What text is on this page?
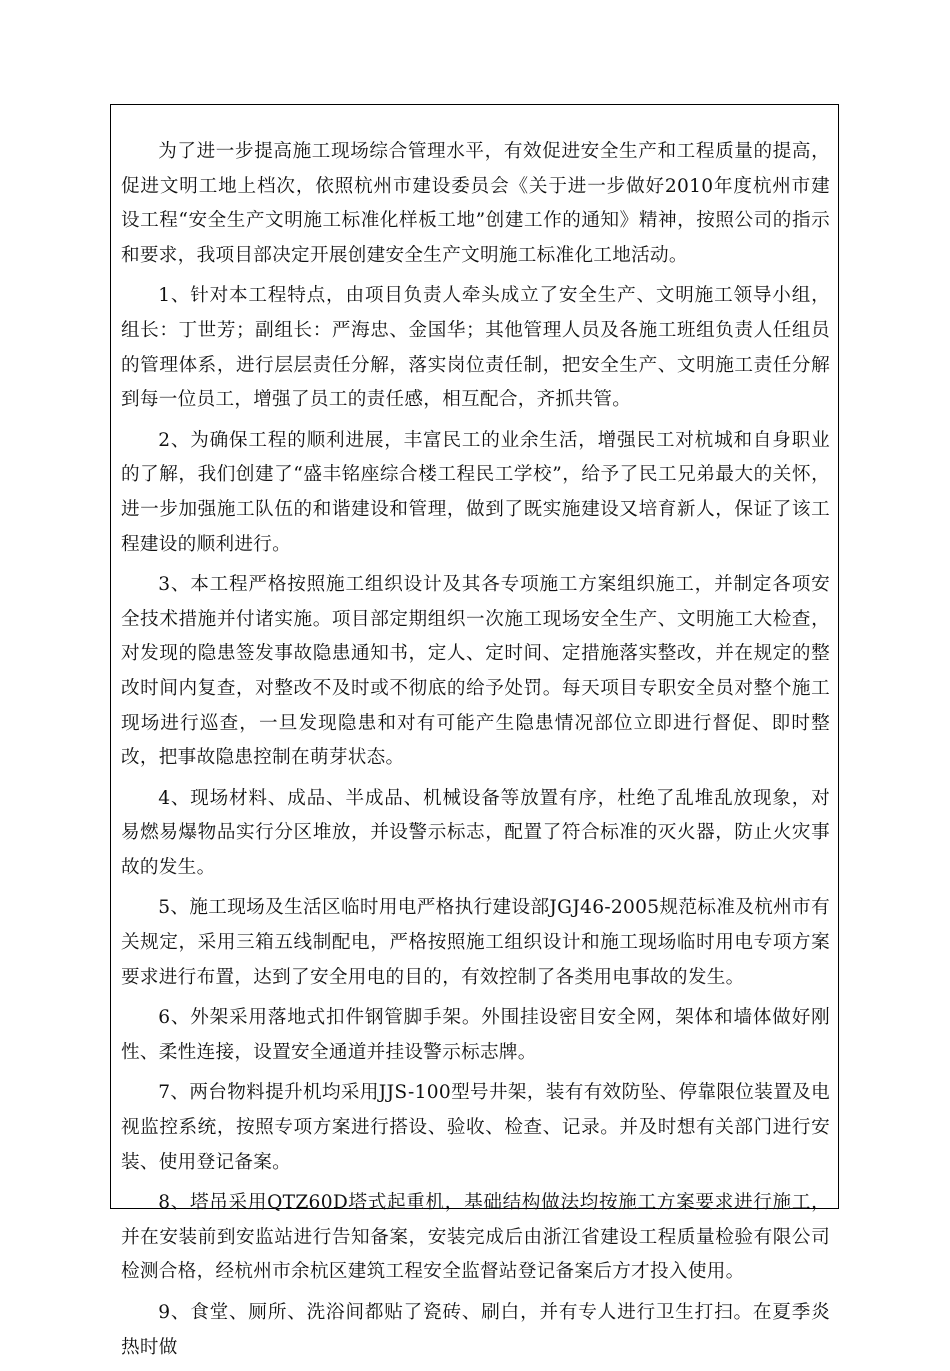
为了进一步提高施工现场综合管理水平，有效促进安全生产和工程质量的提高，促进文明工地上档次，依照杭州市建设委员会《关于进一步做好2010年度杭州市建设工程“安全生产文明施工标准化样板工地”创建工作的通知》精神，按照公司的指示和要求，我项目部决定开展创建安全生产文明施工标准化工地活动。

1、针对本工程特点，由项目负责人牵头成立了安全生产、文明施工领导小组，组长：丁世芳；副组长：严海忠、金国华；其他管理人员及各施工班组负责人任组员的管理体系，进行层层责任分解，落实岗位责任制，把安全生产、文明施工责任分解到每一位员工，增强了员工的责任感，相互配合，齐抓共管。

2、为确保工程的顺利进展，丰富民工的业余生活，增强民工对杭城和自身职业的了解，我们创建了“盛丰铭座综合楼工程民工学校”，给予了民工兄弟最大的关怀，进一步加强施工队伍的和谐建设和管理，做到了既实施建设又培育新人，保证了该工程建设的顺利进行。

3、本工程严格按照施工组织设计及其各专项施工方案组织施工，并制定各项安全技术措施并付诸实施。项目部定期组织一次施工现场安全生产、文明施工大检查，对发现的隐患签发事故隐患通知书，定人、定时间、定措施落实整改，并在规定的整改时间内复查，对整改不及时或不彻底的给予处罚。每天项目专职安全员对整个施工现场进行巡查，一旦发现隐患和对有可能产生隐患情况部位立即进行督促、即时整改，把事故隐患控制在萌芽状态。

4、现场材料、成品、半成品、机械设备等放置有序，杜绝了乱堆乱放现象，对易燃易爆物品实行分区堆放，并设警示标志，配置了符合标准的灭火器，防止火灾事故的发生。

5、施工现场及生活区临时用电严格执行建设部JGJ46-2005规范标准及杭州市有关规定，采用三箱五线制配电，严格按照施工组织设计和施工现场临时用电专项方案要求进行布置，达到了安全用电的目的，有效控制了各类用电事故的发生。

6、外架采用落地式扣件钢管脚手架。外围挂设密目安全网，架体和墙体做好刚性、柔性连接，设置安全通道并挂设警示标志牌。

7、两台物料提升机均采用JJS-100型号井架，装有有效防坠、停靠限位装置及电视监控系统，按照专项方案进行搭设、验收、检查、记录。并及时想有关部门进行安装、使用登记备案。

8、塔吊采用QTZ60D塔式起重机，基础结构做法均按施工方案要求进行施工，并在安装前到安监站进行告知备案，安装完成后由浙江省建设工程质量检验有限公司检测合格，经杭州市余杭区建筑工程安全监督站登记备案后方才投入使用。

9、食堂、厕所、洗浴间都贴了瓷砖、刷白，并有专人进行卫生打扫。在夏季炎热时做
